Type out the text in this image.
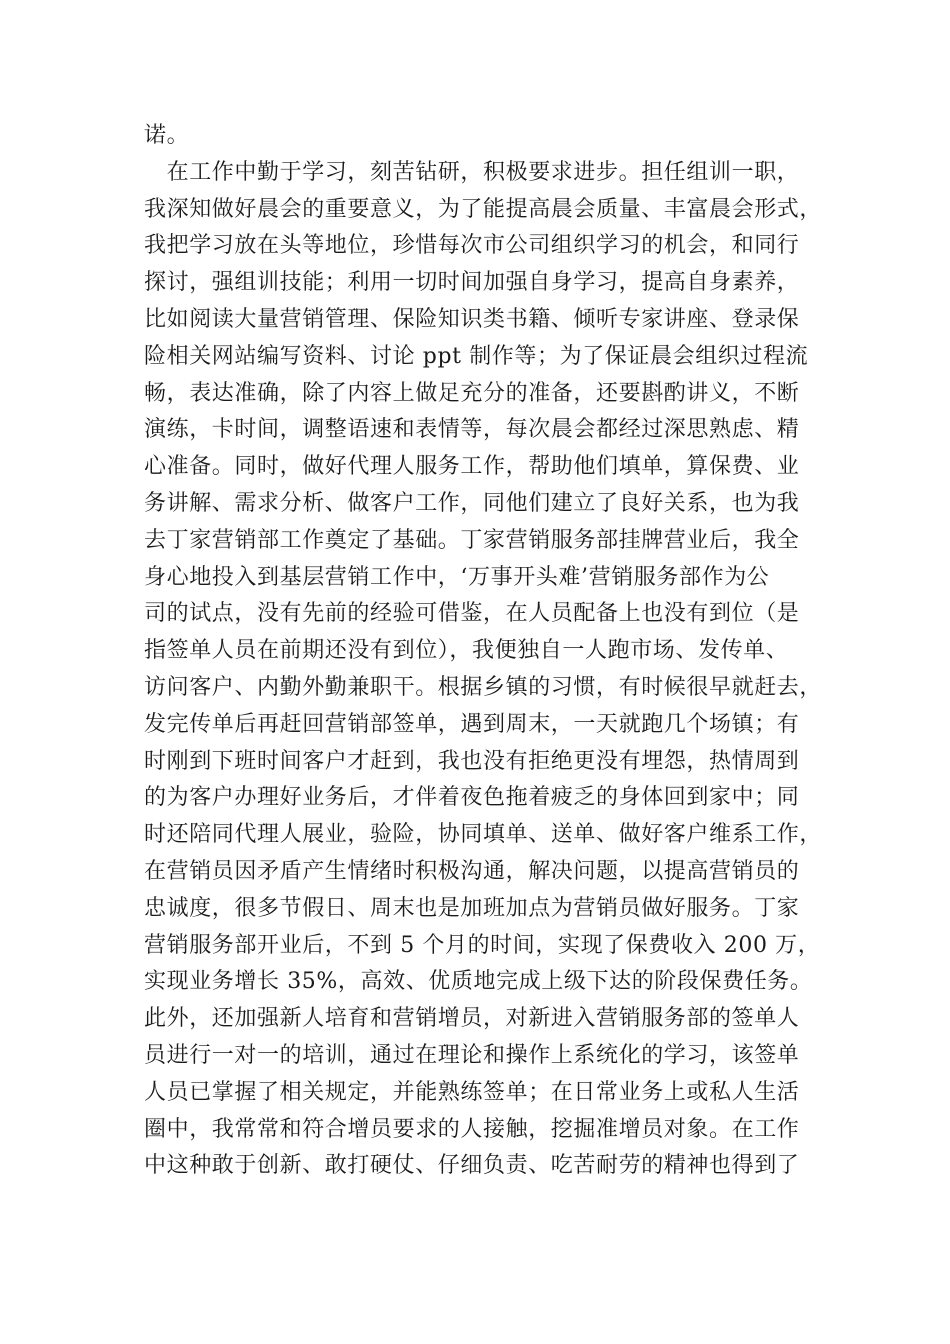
诺。
　在工作中勤于学习，刻苦钻研，积极要求进步。担任组训一职，
我深知做好晨会的重要意义，为了能提高晨会质量、丰富晨会形式，
我把学习放在头等地位，珍惜每次市公司组织学习的机会，和同行
探讨，强组训技能；利用一切时间加强自身学习，提高自身素养，
比如阅读大量营销管理、保险知识类书籍、倾听专家讲座、登录保
险相关网站编写资料、讨论 ppt 制作等；为了保证晨会组织过程流
畅，表达准确，除了内容上做足充分的准备，还要斟酌讲义，不断
演练，卡时间，调整语速和表情等，每次晨会都经过深思熟虑、精
心准备。同时，做好代理人服务工作，帮助他们填单，算保费、业
务讲解、需求分析、做客户工作，同他们建立了良好关系，也为我
去丁家营销部工作奠定了基础。丁家营销服务部挂牌营业后，我全
身心地投入到基层营销工作中，‘万事开头难’营销服务部作为公
司的试点，没有先前的经验可借鉴，在人员配备上也没有到位（是
指签单人员在前期还没有到位），我便独自一人跑市场、发传单、
访问客户、内勤外勤兼职干。根据乡镇的习惯，有时候很早就赶去，
发完传单后再赶回营销部签单，遇到周末，一天就跑几个场镇；有
时刚到下班时间客户才赶到，我也没有拒绝更没有埋怨，热情周到
的为客户办理好业务后，才伴着夜色拖着疲乏的身体回到家中；同
时还陪同代理人展业，验险，协同填单、送单、做好客户维系工作，
在营销员因矛盾产生情绪时积极沟通，解决问题，以提高营销员的
忠诚度，很多节假日、周末也是加班加点为营销员做好服务。丁家
营销服务部开业后，不到 5 个月的时间，实现了保费收入 200 万，
实现业务增长 35%，高效、优质地完成上级下达的阶段保费任务。
此外，还加强新人培育和营销增员，对新进入营销服务部的签单人
员进行一对一的培训，通过在理论和操作上系统化的学习，该签单
人员已掌握了相关规定，并能熟练签单；在日常业务上或私人生活
圈中，我常常和符合增员要求的人接触，挖掘准增员对象。在工作
中这种敢于创新、敢打硬仗、仔细负责、吃苦耐劳的精神也得到了
